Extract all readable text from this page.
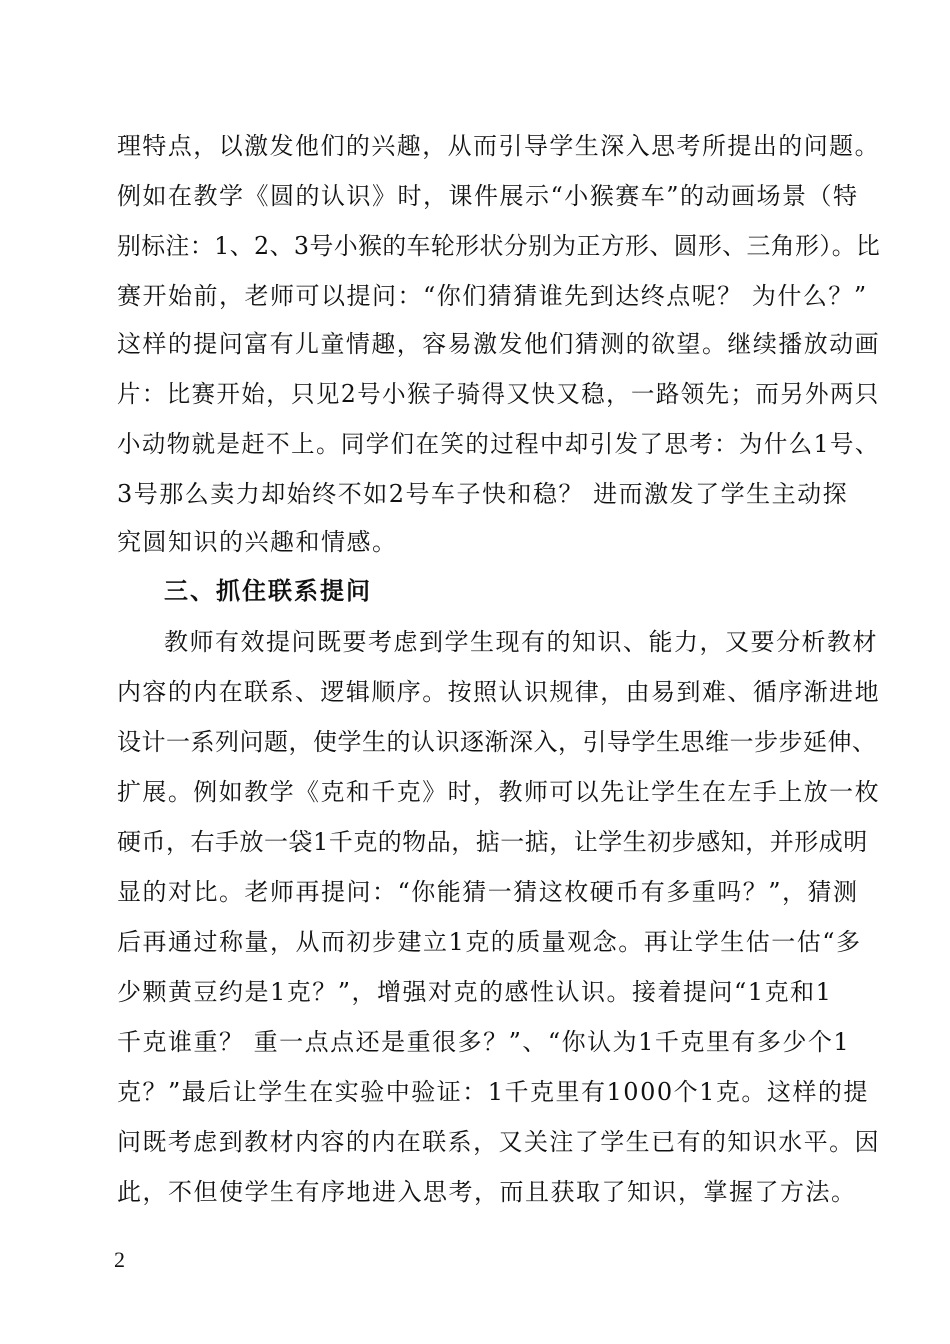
理特点，以激发他们的兴趣，从而引导学生深入思考所提出的问题。
例如在教学《圆的认识》时，课件展示“小猴赛车”的动画场景（特
别标注：1、2、3号小猴的车轮形状分别为正方形、圆形、三角形）。比
赛开始前，老师可以提问：“你们猜猜谁先到达终点呢？ 为什么？”
这样的提问富有儿童情趣，容易激发他们猜测的欲望。继续播放动画
片：比赛开始，只见2号小猴子骑得又快又稳，一路领先；而另外两只
小动物就是赶不上。同学们在笑的过程中却引发了思考：为什么1号、
3号那么卖力却始终不如2号车子快和稳？ 进而激发了学生主动探
究圆知识的兴趣和情感。
三、抓住联系提问
教师有效提问既要考虑到学生现有的知识、能力，又要分析教材
内容的内在联系、逻辑顺序。按照认识规律，由易到难、循序渐进地
设计一系列问题，使学生的认识逐渐深入，引导学生思维一步步延伸、
扩展。例如教学《克和千克》时，教师可以先让学生在左手上放一枚
硬币，右手放一袋1千克的物品，掂一掂，让学生初步感知，并形成明
显的对比。老师再提问：“你能猜一猜这枚硬币有多重吗？”，猜测
后再通过称量，从而初步建立1克的质量观念。再让学生估一估“多
少颗黄豆约是1克？”，增强对克的感性认识。接着提问“1克和1
千克谁重？ 重一点点还是重很多？”、“你认为1千克里有多少个1
克？”最后让学生在实验中验证：1千克里有1000个1克。这样的提
问既考虑到教材内容的内在联系，又关注了学生已有的知识水平。因
此，不但使学生有序地进入思考，而且获取了知识，掌握了方法。
2
